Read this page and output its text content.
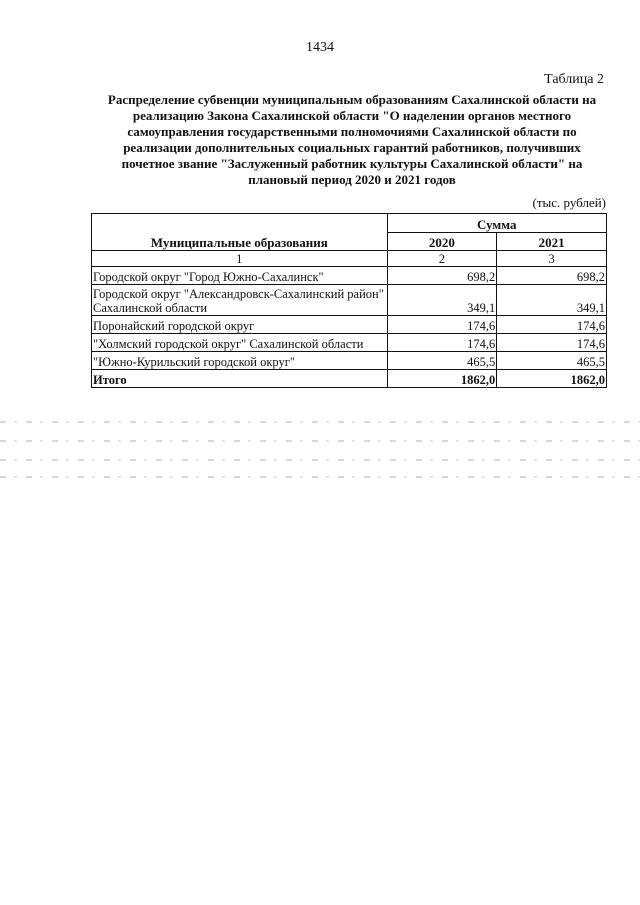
1434
Таблица 2
Распределение субвенции муниципальным образованиям Сахалинской области на реализацию Закона Сахалинской области "О наделении органов местного самоуправления государственными полномочиями Сахалинской области по реализации дополнительных социальных гарантий работников, получивших почетное звание "Заслуженный работник культуры Сахалинской области" на плановый период 2020 и 2021 годов
(тыс. рублей)
Муниципальные образования	Сумма	
	2020	2021
1	2	3
Городской округ "Город Южно-Сахалинск"	698,2	698,2
Городской округ "Александровск-Сахалинский район" Сахалинской области	349,1	349,1
Поронайский городской округ	174,6	174,6
"Холмский городской округ" Сахалинской области	174,6	174,6
"Южно-Курильский городской округ"	465,5	465,5
Итого	1862,0	1862,0
